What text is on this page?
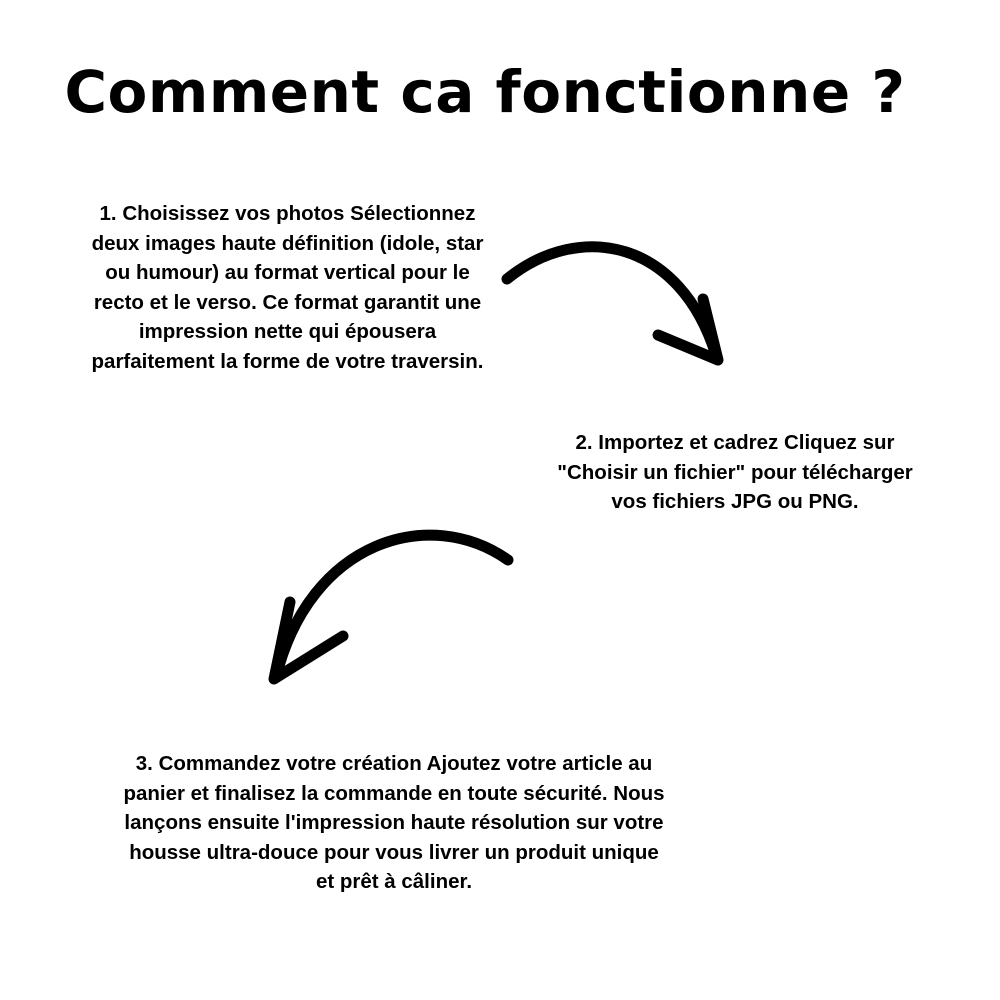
Comment ca fonctionne ?
1. Choisissez vos photos Sélectionnez deux images haute définition (idole, star ou humour) au format vertical pour le recto et le verso. Ce format garantit une impression nette qui épousera parfaitement la forme de votre traversin.
2. Importez et cadrez Cliquez sur "Choisir un fichier" pour télécharger vos fichiers JPG ou PNG.
3. Commandez votre création Ajoutez votre article au panier et finalisez la commande en toute sécurité. Nous lançons ensuite l'impression haute résolution sur votre housse ultra-douce pour vous livrer un produit unique et prêt à câliner.
